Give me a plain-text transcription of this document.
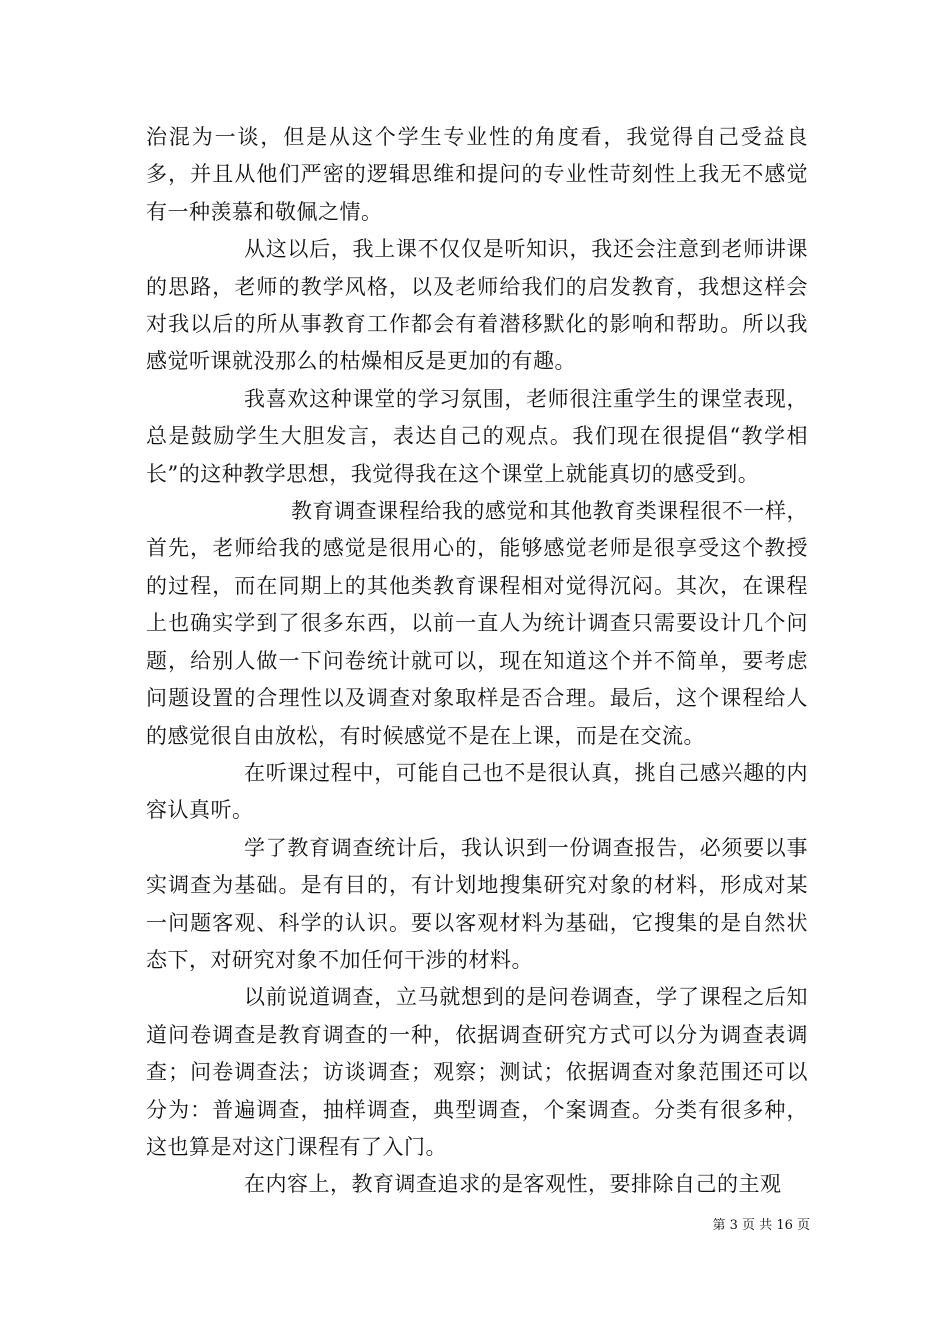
治混为一谈，但是从这个学生专业性的角度看，我觉得自己受益良多，并且从他们严密的逻辑思维和提问的专业性苛刻性上我无不感觉有一种羡慕和敬佩之情。

从这以后，我上课不仅仅是听知识，我还会注意到老师讲课的思路，老师的教学风格，以及老师给我们的启发教育，我想这样会对我以后的所从事教育工作都会有着潜移默化的影响和帮助。所以我感觉听课就没那么的枯燥相反是更加的有趣。

我喜欢这种课堂的学习氛围，老师很注重学生的课堂表现，总是鼓励学生大胆发言，表达自己的观点。我们现在很提倡“教学相长”的这种教学思想，我觉得我在这个课堂上就能真切的感受到。

教育调查课程给我的感觉和其他教育类课程很不一样，首先，老师给我的感觉是很用心的，能够感觉老师是很享受这个教授的过程，而在同期上的其他类教育课程相对觉得沉闷。其次，在课程上也确实学到了很多东西，以前一直人为统计调查只需要设计几个问题，给别人做一下问卷统计就可以，现在知道这个并不简单，要考虑问题设置的合理性以及调查对象取样是否合理。最后，这个课程给人的感觉很自由放松，有时候感觉不是在上课，而是在交流。

在听课过程中，可能自己也不是很认真，挑自己感兴趣的内容认真听。

学了教育调查统计后，我认识到一份调查报告，必须要以事实调查为基础。是有目的，有计划地搜集研究对象的材料，形成对某一问题客观、科学的认识。要以客观材料为基础，它搜集的是自然状态下，对研究对象不加任何干涉的材料。

以前说道调查，立马就想到的是问卷调查，学了课程之后知道问卷调查是教育调查的一种，依据调查研究方式可以分为调查表调查；问卷调查法；访谈调查；观察；测试；依据调查对象范围还可以分为：普遍调查，抽样调查，典型调查，个案调查。分类有很多种，这也算是对这门课程有了入门。

在内容上，教育调查追求的是客观性，要排除自己的主观

第 3 页 共 16 页
